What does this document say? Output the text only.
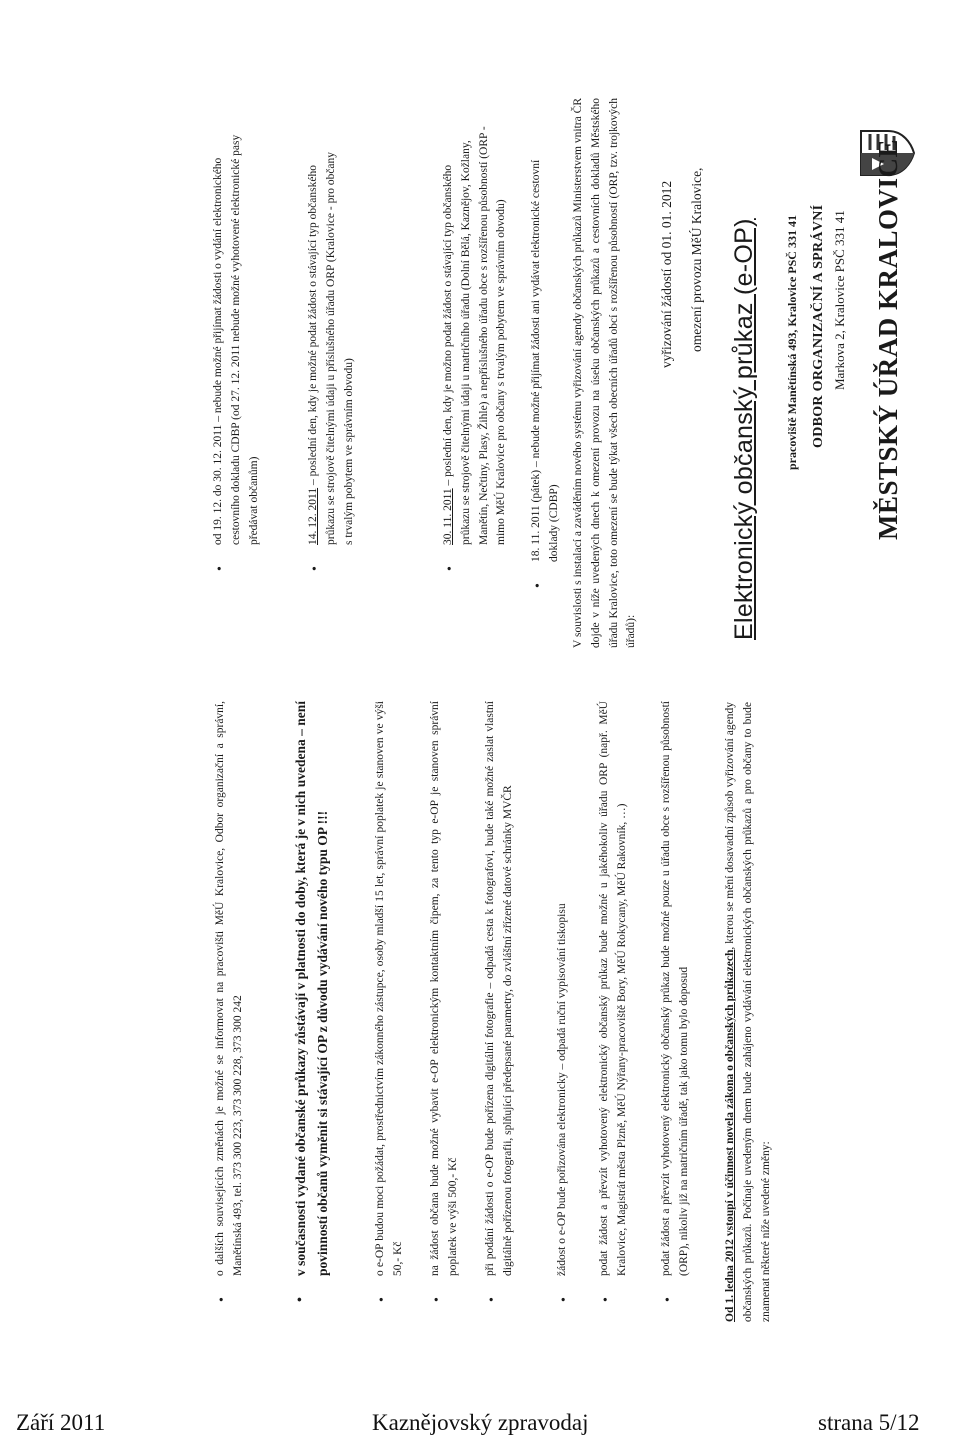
MĚSTSKÝ ÚŘAD KRALOVICE
Markova 2, Kralovice PSČ 331 41
ODBOR ORGANIZAČNÍ A SPRÁVNÍ
pracoviště Manětínská 493, Kralovice PSČ 331 41
Elektronický občanský průkaz (e-OP)
omezení provozu MěÚ Kralovice,
vyřizování žádostí od 01. 01. 2012
V souvislosti s instalací a zaváděním nového systému vyřizování agendy občanských průkazů Ministerstvem vnitra ČR dojde v níže uvedených dnech k omezení provozu na úseku občanských průkazů a cestovních dokladů Městského úřadu Kralovice, toto omezení se bude týkat všech obecních úřadů obcí s rozšířenou působností (ORP, tzv. trojkových úřadů):
• 18. 11. 2011 (pátek) – nebude možné přijímat žádosti ani vydávat elektronické cestovní doklady (CDBP)
• 30. 11. 2011 – poslední den, kdy je možno podat žádost o stávající typ občanského průkazu se strojově čitelnými údaji u matričního úřadu (Dolní Bělá, Kaznějov, Kožlany, Manětín, Nečtiny, Plasy, Žihle) a nepříslušného úřadu obce s rozšířenou působností (ORP - mimo MěÚ Kralovice pro občany s trvalým pobytem ve správním obvodu)
• 14. 12. 2011 – poslední den, kdy je možné podat žádost o stávající typ občanského průkazu se strojově čitelnými údaji u příslušného úřadu ORP (Kralovice - pro občany s trvalým pobytem ve správním obvodu)
• od 19. 12. do 30. 12. 2011 – nebude možné přijímat žádosti o vydání elektronického cestovního dokladu CDBP (od 27. 12. 2011 nebude možné vyhotovené elektronické pasy předávat občanům)
Od 1. ledna 2012 vstoupí v účinnost novela zákona o občanských průkazech, kterou se mění dosavadní způsob vyřizování agendy občanských průkazů. Počínaje uvedeným dnem bude zahájeno vydávání elektronických občanských průkazů a pro občany to bude znamenat některé níže uvedené změny:
• podat žádost a převzít vyhotovený elektronický občanský průkaz bude možné pouze u úřadu obce s rozšířenou působností (ORP), nikoliv již na matričním úřadě, tak jako tomu bylo doposud
• podat žádost a převzít vyhotovený elektronický občanský průkaz bude možné u jakéhokoliv úřadu ORP (např. MěÚ Kralovice, Magistrát města Plzně, MěÚ Nýřany-pracoviště Bory, MěÚ Rokycany, MěÚ Rakovník, …)
• žádost o e-OP bude pořizována elektronicky – odpadá ruční vypisování tiskopisu
• při podání žádosti o e-OP bude pořízena digitální fotografie – odpadá cesta k fotografovi, bude také možné zaslat vlastní digitálně pořízenou fotografii, splňující předepsané parametry, do zvláštní zřízené datové schránky MVČR
• na žádost občana bude možné vybavit e-OP elektronickým kontaktním čipem, za tento typ e-OP je stanoven správní poplatek ve výši 500,- Kč
• o e-OP budou moci požádat, prostřednictvím zákonného zástupce, osoby mladší 15 let, správní poplatek je stanoven ve výši 50,- Kč
• v současnosti vydané občanské průkazy zůstávají v platnosti do doby, která je v nich uvedena – není povinností občanů vyměnit si stávající OP z důvodu vydávání nového typu OP !!!
• o dalších souvisejících změnách je možné se informovat na pracovišti MěÚ Kralovice, Odbor organizační a správní, Manětínská 493, tel. 373 300 223, 373 300 228, 373 300 242
Září 2011	Kaznějovský zpravodaj	strana 5/12
